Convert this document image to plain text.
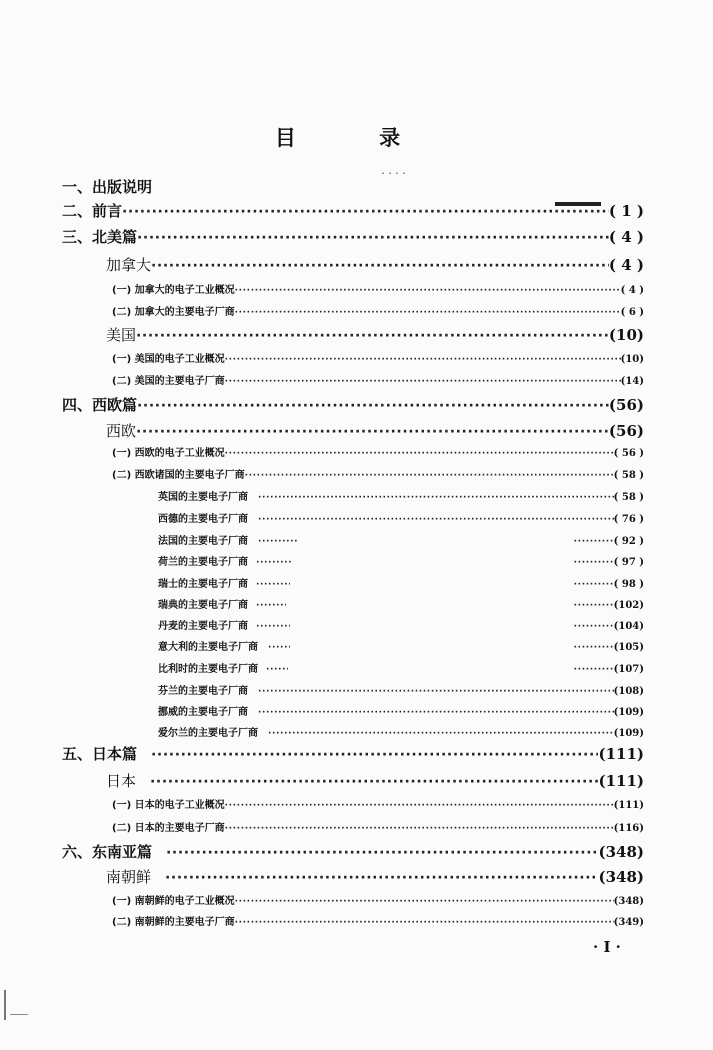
目 录
....
一、出版说明
二、前言 ·····	( 1 )
三、北美篇 ·····	( 4 )
加拿大 ·····	( 4 )
(一) 加拿大的电子工业概况 ·····	( 4 )
(二) 加拿大的主要电子厂商 ·····	( 6 )
美国 ·····	(10)
(一) 美国的电子工业概况 ·····	(10)
(二) 美国的主要电子厂商 ·····	(14)
四、西欧篇 ·····	(56)
西欧 ·····	(56)
(一) 西欧的电子工业概况 ·····	( 56 )
(二) 西欧诸国的主要电子厂商 ·····	( 58 )
英国的主要电子厂商 ·····	( 58 )
西德的主要电子厂商 ·····	( 76 )
法国的主要电子厂商 ····· ·····	( 92 )
荷兰的主要电子厂商 ····· ·····	( 97 )
瑞士的主要电子厂商 ····· ·····	( 98 )
瑞典的主要电子厂商 ····· ·····	(102)
丹麦的主要电子厂商 ····· ·····	(104)
意大利的主要电子厂商 ····· ·····	(105)
比利时的主要电子厂商 ····· ·····	(107)
芬兰的主要电子厂商 ·····	(108)
挪威的主要电子厂商 ·····	(109)
爱尔兰的主要电子厂商 ·····	(109)
五、日本篇 ·····	(111)
日本 ·····	(111)
(一) 日本的电子工业概况 ·····	(111)
(二) 日本的主要电子厂商 ·····	(116)
六、东南亚篇 ·····	(348)
南朝鲜 ·····	(348)
(一) 南朝鲜的电子工业概况 ·····	(348)
(二) 南朝鲜的主要电子厂商 ·····	(349)
· I ·
